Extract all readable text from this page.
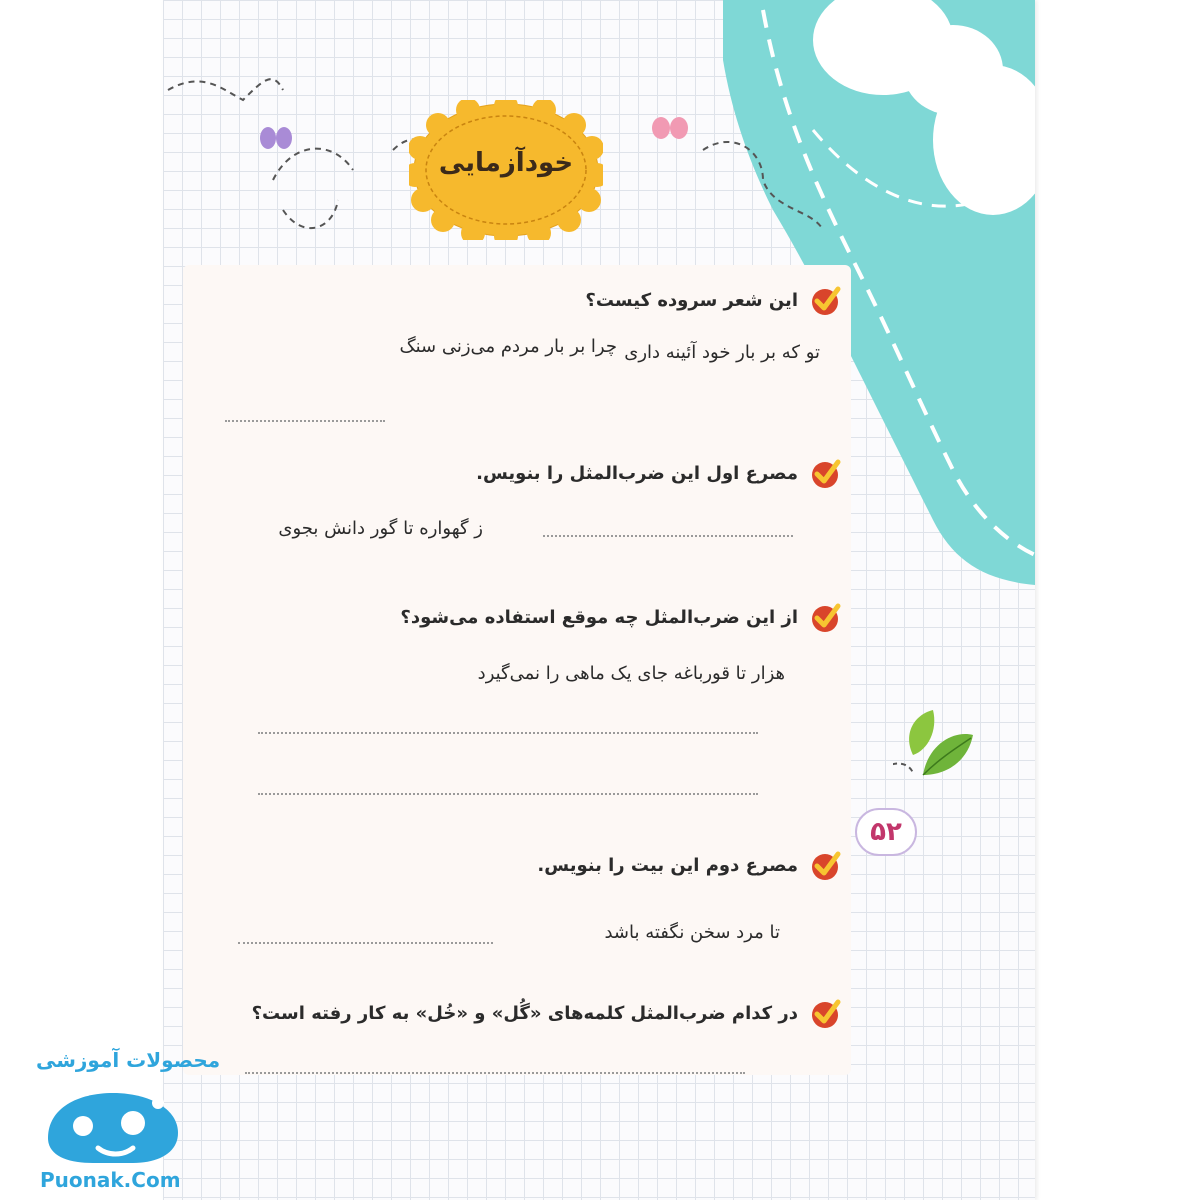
خودآزمایی
این شعر سروده کیست؟
تو که بر بار خود آئینه داری
چرا بر بار مردم می‌زنی سنگ
مصرع اول این ضرب‌المثل را بنویس.
ز گهواره تا گور دانش بجوی
از این ضرب‌المثل چه موقع استفاده می‌شود؟
هزار تا قورباغه جای یک ماهی را نمی‌گیرد
۵۲
مصرع دوم این بیت را بنویس.
تا مرد سخن نگفته باشد
در کدام ضرب‌المثل کلمه‌های «گُل» و «خُل» به کار رفته است؟
محصولات آموزشی
Puonak.Com
